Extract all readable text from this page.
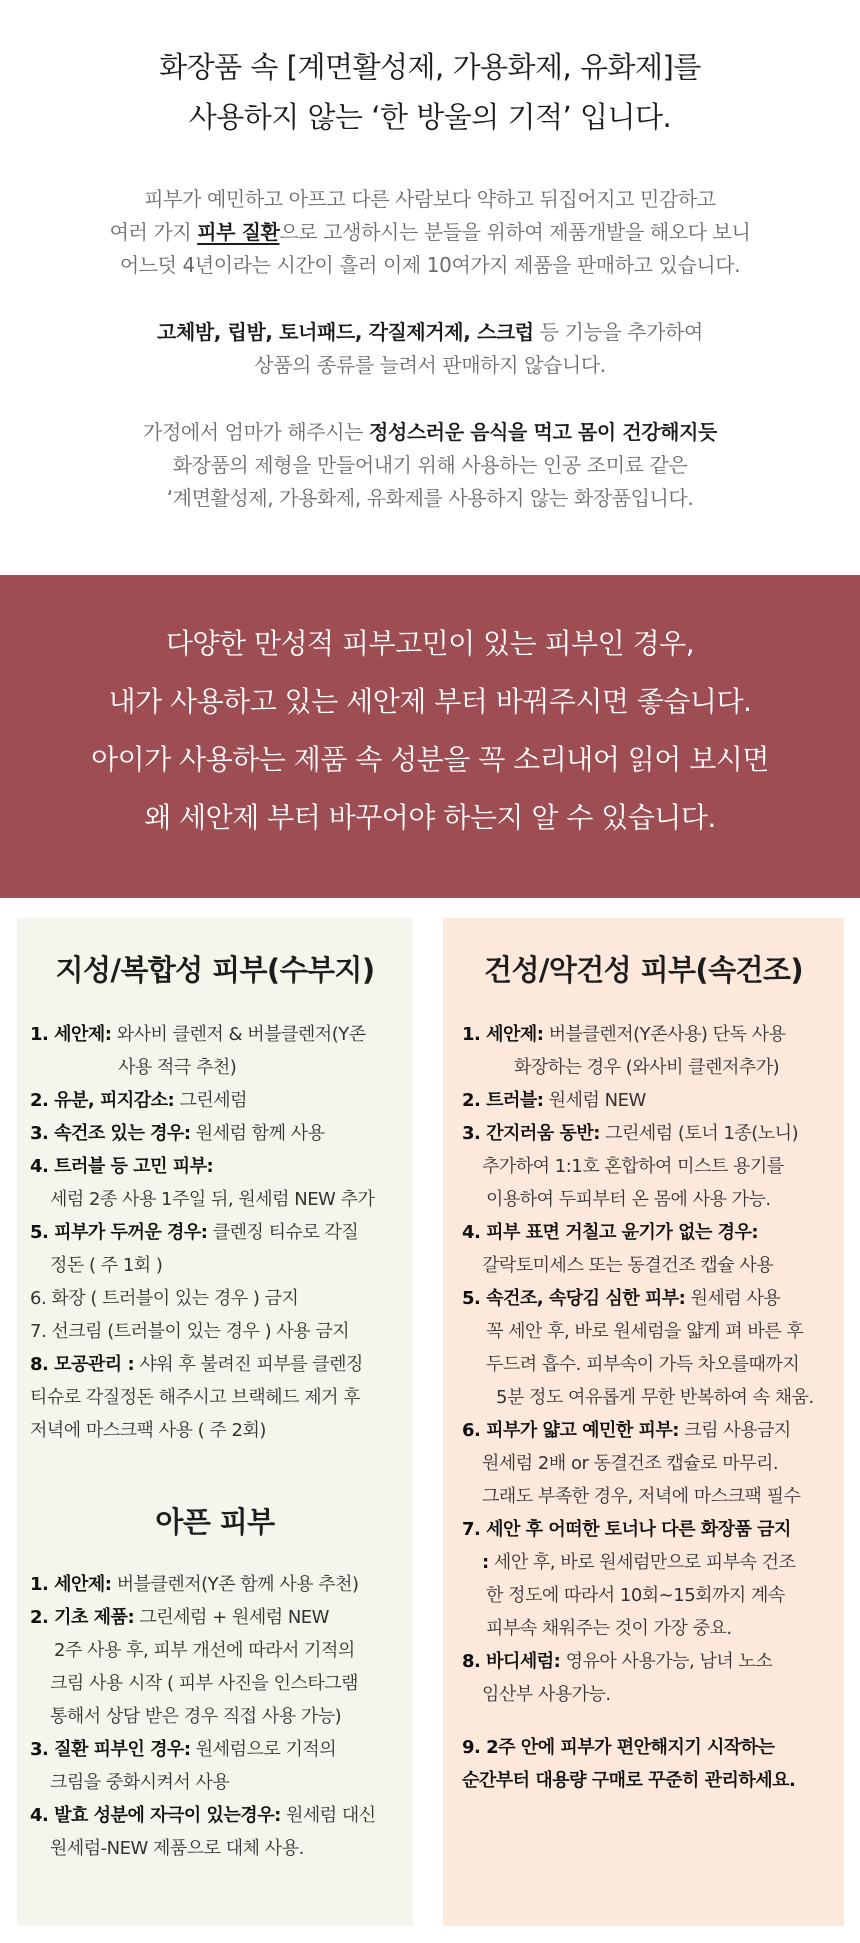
화장품 속 [계면활성제, 가용화제, 유화제]를
사용하지 않는 ‘한 방울의 기적’ 입니다.
피부가 예민하고 아프고 다른 사람보다 약하고 뒤집어지고 민감하고
여러 가지 피부 질환으로 고생하시는 분들을 위하여 제품개발을 해오다 보니
어느덧 4년이라는 시간이 흘러 이제 10여가지 제품을 판매하고 있습니다.
고체밤, 립밤, 토너패드, 각질제거제, 스크럽 등 기능을 추가하여
상품의 종류를 늘려서 판매하지 않습니다.
가정에서 엄마가 해주시는 정성스러운 음식을 먹고 몸이 건강해지듯
화장품의 제형을 만들어내기 위해 사용하는 인공 조미료 같은
‘계면활성제, 가용화제, 유화제를 사용하지 않는 화장품입니다.
다양한 만성적 피부고민이 있는 피부인 경우,
내가 사용하고 있는 세안제 부터 바꿔주시면 좋습니다.
아이가 사용하는 제품 속 성분을 꼭 소리내어 읽어 보시면
왜 세안제 부터 바꾸어야 하는지 알 수 있습니다.
지성/복합성 피부(수부지)
1. 세안제: 와사비 클렌저 & 버블클렌저(Y존
사용 적극 추천)
2. 유분, 피지감소: 그린세럼
3. 속건조 있는 경우: 원세럼 함께 사용
4. 트러블 등 고민 피부:
세럼 2종 사용 1주일 뒤, 원세럼 NEW 추가
5. 피부가 두꺼운 경우: 클렌징 티슈로 각질
정돈 ( 주 1회 )
6. 화장 ( 트러블이 있는 경우 ) 금지
7. 선크림 (트러블이 있는 경우 ) 사용 금지
8. 모공관리 : 샤워 후 불려진 피부를 클렌징
티슈로 각질정돈 해주시고 브랙헤드 제거 후
저녁에 마스크팩 사용 ( 주 2회)
아픈 피부
1. 세안제: 버블클렌저(Y존 함께 사용 추천)
2. 기초 제품: 그린세럼 + 원세럼 NEW
2주 사용 후, 피부 개선에 따라서 기적의
크림 사용 시작 ( 피부 사진을 인스타그램
통해서 상담 받은 경우 직접 사용 가능)
3. 질환 피부인 경우: 원세럼으로 기적의
크림을 중화시켜서 사용
4. 발효 성분에 자극이 있는경우: 원세럼 대신
원세럼-NEW 제품으로 대체 사용.
건성/악건성 피부(속건조)
1. 세안제: 버블클렌저(Y존사용) 단독 사용
화장하는 경우 (와사비 클렌저추가)
2. 트러블: 원세럼 NEW
3. 간지러움 동반: 그린세럼 (토너 1종(노니)
추가하여 1:1호 혼합하여 미스트 용기를
이용하여 두피부터 온 몸에 사용 가능.
4. 피부 표면 거칠고 윤기가 없는 경우:
갈락토미세스 또는 동결건조 캡슐 사용
5. 속건조, 속당김 심한 피부: 원세럼 사용
꼭 세안 후, 바로 원세럼을 얇게 펴 바른 후
두드려 흡수. 피부속이 가득 차오를때까지
5분 정도 여유롭게 무한 반복하여 속 채움.
6. 피부가 얇고 예민한 피부: 크림 사용금지
원세럼 2배 or 동결건조 캡슐로 마무리.
그래도 부족한 경우, 저녁에 마스크팩 필수
7. 세안 후 어떠한 토너나 다른 화장품 금지
: 세안 후, 바로 원세럼만으로 피부속 건조
한 정도에 따라서 10회~15회까지 계속
피부속 채워주는 것이 가장 중요.
8. 바디세럼: 영유아 사용가능, 남녀 노소
임산부 사용가능.
9. 2주 안에 피부가 편안해지기 시작하는
순간부터 대용량 구매로 꾸준히 관리하세요.
